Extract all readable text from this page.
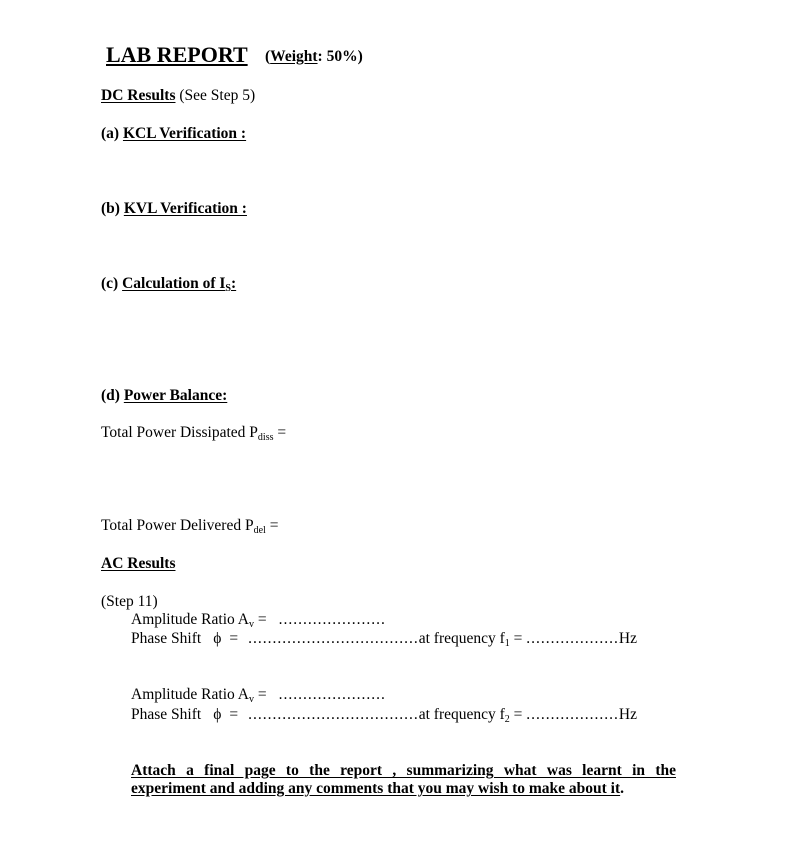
LAB REPORT (Weight: 50%)
DC Results (See Step 5)
(a) KCL Verification :
(b) KVL Verification :
(c) Calculation of IS:
(d) Power Balance:
Total Power Dissipated Pdiss =
Total Power Delivered Pdel =
AC Results
(Step 11)
Amplitude Ratio Av = ......................
Phase Shift ϕ = ...................................at frequency f1 = ...................Hz
Amplitude Ratio Av = ......................
Phase Shift ϕ = ...................................at frequency f2 = ...................Hz
Attach a final page to the report , summarizing what was learnt in the
experiment and adding any comments that you may wish to make about it.
